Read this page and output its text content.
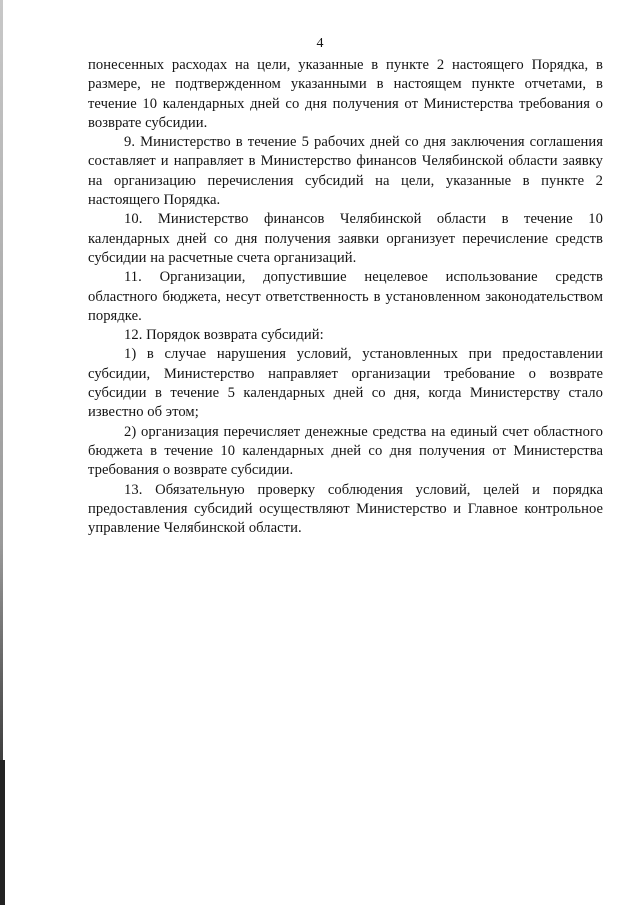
4

понесенных расходах на цели, указанные в пункте 2 настоящего Порядка, в размере, не подтвержденном указанными в настоящем пункте отчетами, в течение 10 календарных дней со дня получения от Министерства требования о возврате субсидии.

9. Министерство в течение 5 рабочих дней со дня заключения соглашения составляет и направляет в Министерство финансов Челябинской области заявку на организацию перечисления субсидий на цели, указанные в пункте 2 настоящего Порядка.

10. Министерство финансов Челябинской области в течение 10 календарных дней со дня получения заявки организует перечисление средств субсидии на расчетные счета организаций.

11. Организации, допустившие нецелевое использование средств областного бюджета, несут ответственность в установленном законодательством порядке.

12. Порядок возврата субсидий:

1) в случае нарушения условий, установленных при предоставлении субсидии, Министерство направляет организации требование о возврате субсидии в течение 5 календарных дней со дня, когда Министерству стало известно об этом;

2) организация перечисляет денежные средства на единый счет областного бюджета в течение 10 календарных дней со дня получения от Министерства требования о возврате субсидии.

13. Обязательную проверку соблюдения условий, целей и порядка предоставления субсидий осуществляют Министерство и Главное контрольное управление Челябинской области.
